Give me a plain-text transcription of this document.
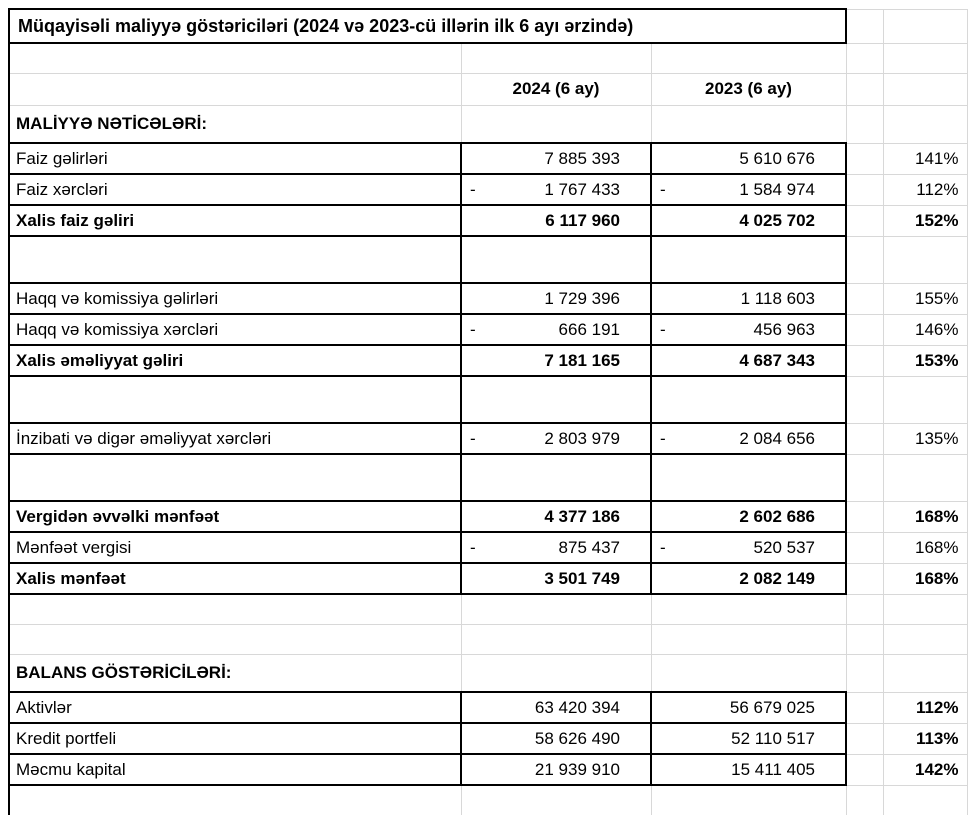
Müqayisəli maliyyə göstəriciləri (2024 və 2023-cü illərin ilk 6 ayı ərzində)				

	2024 (6 ay)	2023 (6 ay)		
MALİYYƏ NƏTİCƏLƏRİ:				
Faiz gəlirləri	7 885 393	5 610 676		141%
Faiz xərcləri	- 1 767 433	- 1 584 974		112%
Xalis faiz gəliri	6 117 960	4 025 702		152%

Haqq və komissiya gəlirləri	1 729 396	1 118 603		155%
Haqq və komissiya xərcləri	- 666 191	- 456 963		146%
Xalis əməliyyat gəliri	7 181 165	4 687 343		153%

İnzibati və digər əməliyyat xərcləri	- 2 803 979	- 2 084 656		135%

Vergidən əvvəlki mənfəət	4 377 186	2 602 686		168%
Mənfəət vergisi	- 875 437	- 520 537		168%
Xalis mənfəət	3 501 749	2 082 149		168%

BALANS GÖSTƏRİCİLƏRİ:				
Aktivlər	63 420 394	56 679 025		112%
Kredit portfeli	58 626 490	52 110 517		113%
Məcmu kapital	21 939 910	15 411 405		142%
